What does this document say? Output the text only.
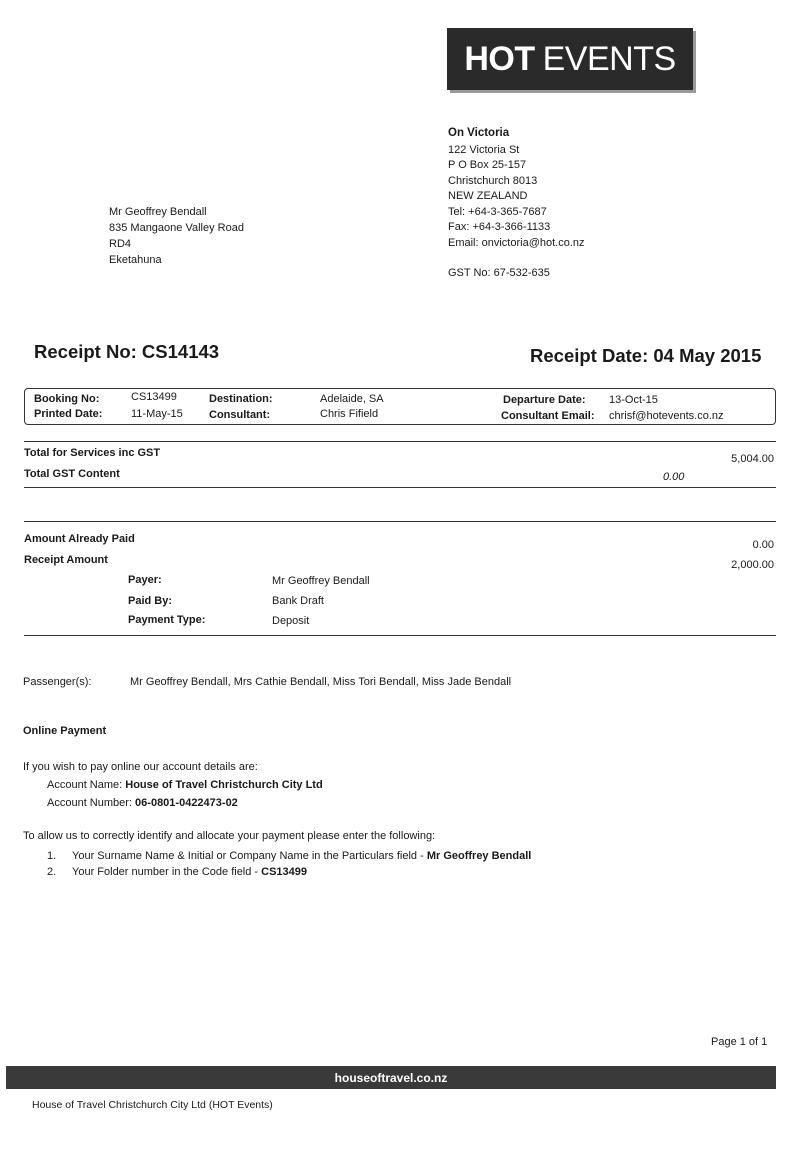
HOT EVENTS
On Victoria
122 Victoria St
P O Box 25-157
Christchurch 8013
NEW ZEALAND
Tel: +64-3-365-7687
Fax: +64-3-366-1133
Email: onvictoria@hot.co.nz
GST No: 67-532-635
Mr Geoffrey Bendall
835 Mangaone Valley Road
RD4
Eketahuna
Receipt No: CS14143	Receipt Date: 04 May 2015
Booking No:	CS13499
Printed Date:	11-May-15
Destination:	Adelaide, SA
Consultant:	Chris Fifield
Departure Date: 13-Oct-15
Consultant Email: chrisf@hotevents.co.nz
Total for Services inc GST	5,004.00
Total GST Content	0.00
Amount Already Paid	0.00
Receipt Amount	2,000.00
Payer:	Mr Geoffrey Bendall
Paid By:	Bank Draft
Payment Type:	Deposit
Passenger(s):	Mr Geoffrey Bendall, Mrs Cathie Bendall, Miss Tori Bendall, Miss Jade Bendall
Online Payment
If you wish to pay online our account details are:
Account Name: House of Travel Christchurch City Ltd
Account Number: 06-0801-0422473-02
To allow us to correctly identify and allocate your payment please enter the following:
1. Your Surname Name & Initial or Company Name in the Particulars field - Mr Geoffrey Bendall
2. Your Folder number in the Code field - CS13499
Page 1 of 1
houseoftravel.co.nz
House of Travel Christchurch City Ltd (HOT Events)
